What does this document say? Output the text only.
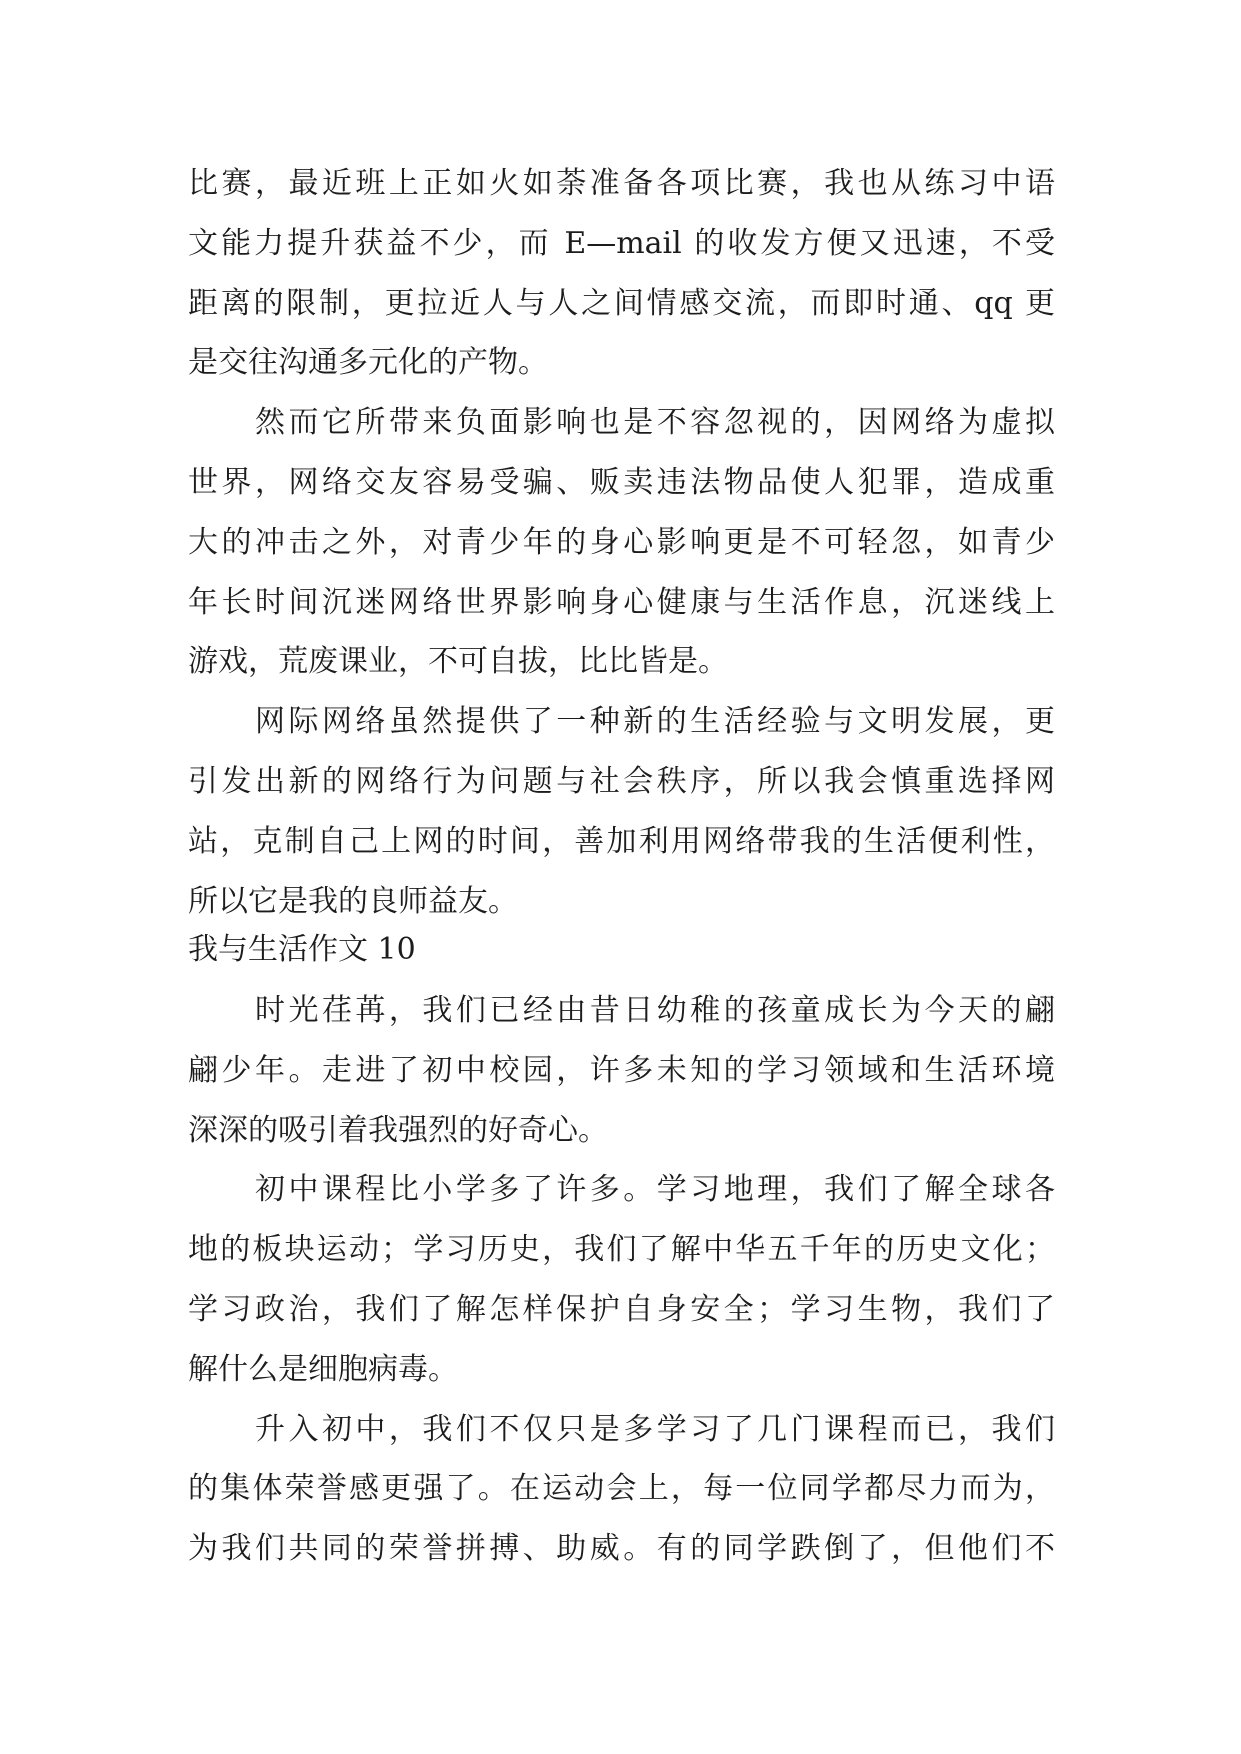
比赛，最近班上正如火如荼准备各项比赛，我也从练习中语
文能力提升获益不少，而 E—mail 的收发方便又迅速，不受
距离的限制，更拉近人与人之间情感交流，而即时通、qq 更
是交往沟通多元化的产物。
然而它所带来负面影响也是不容忽视的，因网络为虚拟
世界，网络交友容易受骗、贩卖违法物品使人犯罪，造成重
大的冲击之外，对青少年的身心影响更是不可轻忽，如青少
年长时间沉迷网络世界影响身心健康与生活作息，沉迷线上
游戏，荒废课业，不可自拔，比比皆是。
网际网络虽然提供了一种新的生活经验与文明发展，更
引发出新的网络行为问题与社会秩序，所以我会慎重选择网
站，克制自己上网的时间，善加利用网络带我的生活便利性，
所以它是我的良师益友。
我与生活作文 10
时光荏苒，我们已经由昔日幼稚的孩童成长为今天的翩
翩少年。走进了初中校园，许多未知的学习领域和生活环境
深深的吸引着我强烈的好奇心。
初中课程比小学多了许多。学习地理，我们了解全球各
地的板块运动；学习历史，我们了解中华五千年的历史文化；
学习政治，我们了解怎样保护自身安全；学习生物，我们了
解什么是细胞病毒。
升入初中，我们不仅只是多学习了几门课程而已，我们
的集体荣誉感更强了。在运动会上，每一位同学都尽力而为，
为我们共同的荣誉拼搏、助威。有的同学跌倒了，但他们不
